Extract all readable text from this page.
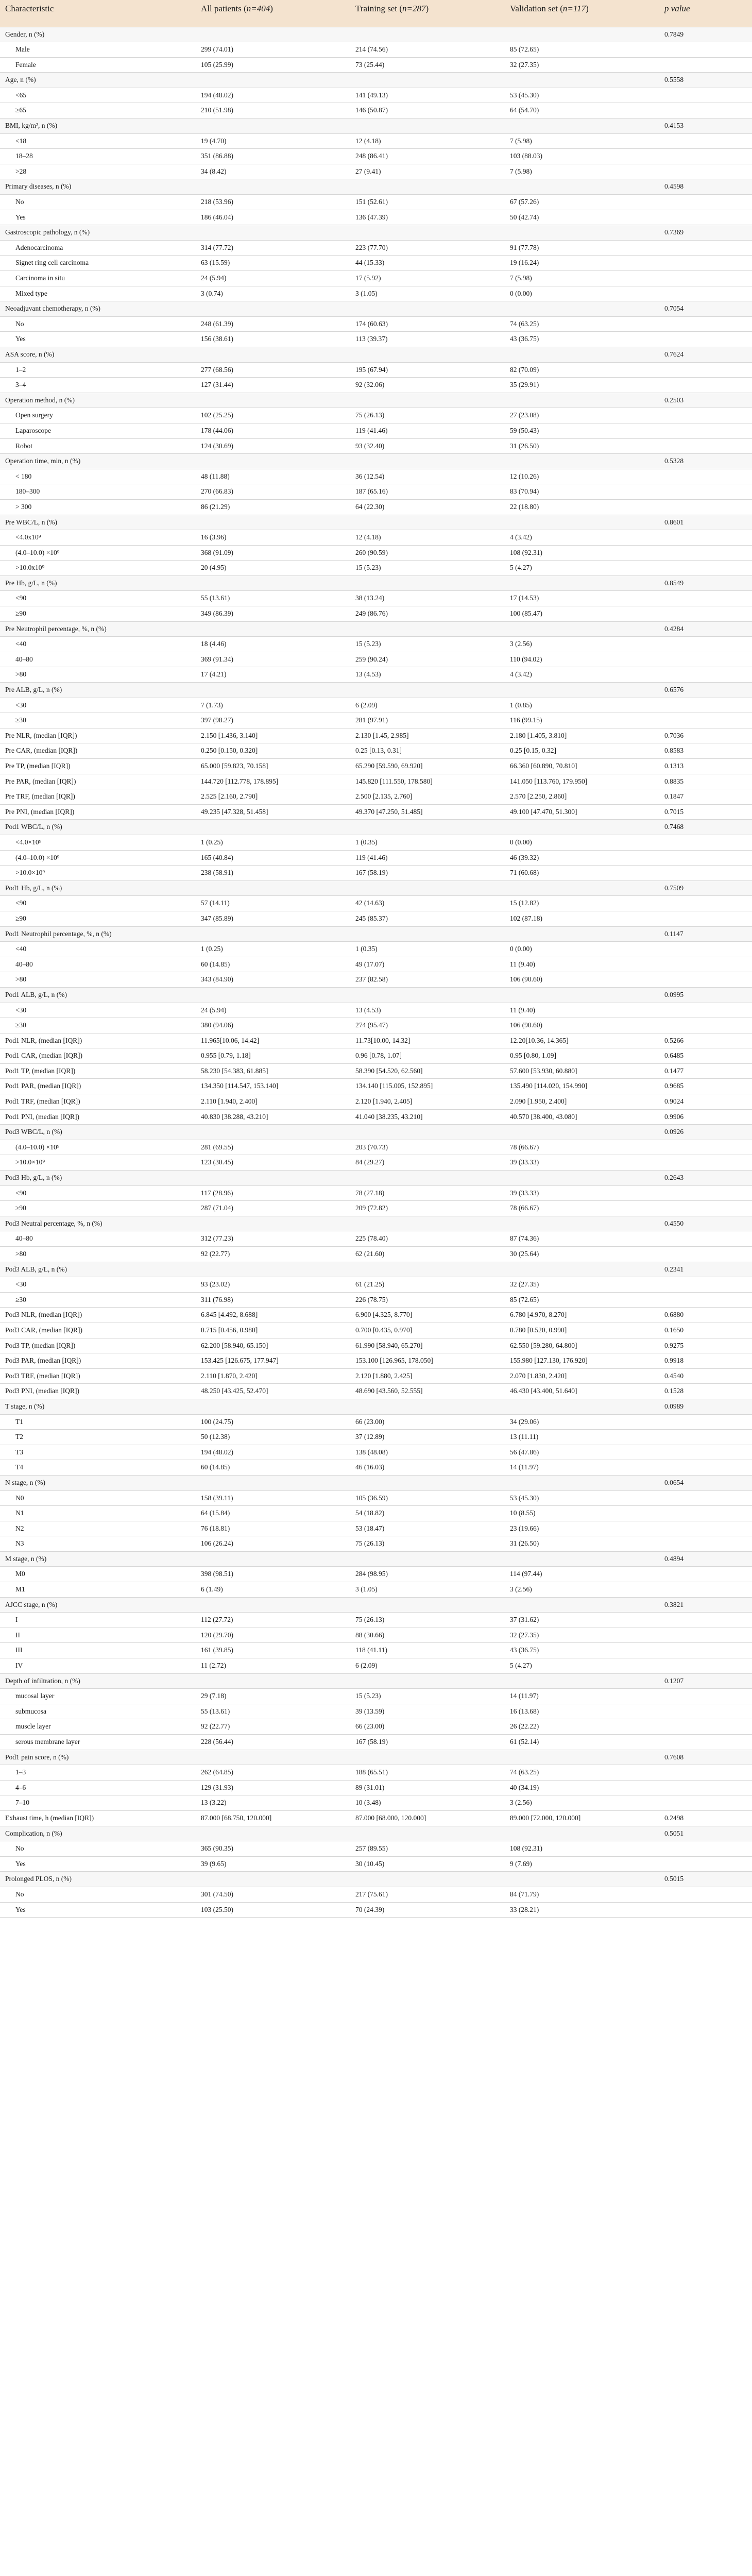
Characteristic	All patients (n=404)	Training set (n=287)	Validation set (n=117)	p value
Gender, n (%)				0.7849
Male	299 (74.01)	214 (74.56)	85 (72.65)	
Female	105 (25.99)	73 (25.44)	32 (27.35)	
Age, n (%)				0.5558
<65	194 (48.02)	141 (49.13)	53 (45.30)	
≥65	210 (51.98)	146 (50.87)	64 (54.70)	
BMI, kg/m², n (%)				0.4153
<18	19 (4.70)	12 (4.18)	7 (5.98)	
18–28	351 (86.88)	248 (86.41)	103 (88.03)	
>28	34 (8.42)	27 (9.41)	7 (5.98)	
Primary diseases, n (%)				0.4598
No	218 (53.96)	151 (52.61)	67 (57.26)	
Yes	186 (46.04)	136 (47.39)	50 (42.74)	
Gastroscopic pathology, n (%)				0.7369
Adenocarcinoma	314 (77.72)	223 (77.70)	91 (77.78)	
Signet ring cell carcinoma	63 (15.59)	44 (15.33)	19 (16.24)	
Carcinoma in situ	24 (5.94)	17 (5.92)	7 (5.98)	
Mixed type	3 (0.74)	3 (1.05)	0 (0.00)	
Neoadjuvant chemotherapy, n (%)				0.7054
No	248 (61.39)	174 (60.63)	74 (63.25)	
Yes	156 (38.61)	113 (39.37)	43 (36.75)	
ASA score, n (%)				0.7624
1–2	277 (68.56)	195 (67.94)	82 (70.09)	
3–4	127 (31.44)	92 (32.06)	35 (29.91)	
Operation method, n (%)				0.2503
Open surgery	102 (25.25)	75 (26.13)	27 (23.08)	
Laparoscope	178 (44.06)	119 (41.46)	59 (50.43)	
Robot	124 (30.69)	93 (32.40)	31 (26.50)	
Operation time, min, n (%)				0.5328
< 180	48 (11.88)	36 (12.54)	12 (10.26)	
180–300	270 (66.83)	187 (65.16)	83 (70.94)	
> 300	86 (21.29)	64 (22.30)	22 (18.80)	
Pre WBC/L, n (%)				0.8601
<4.0x10⁹	16 (3.96)	12 (4.18)	4 (3.42)	
(4.0–10.0) ×10⁹	368 (91.09)	260 (90.59)	108 (92.31)	
>10.0x10⁹	20 (4.95)	15 (5.23)	5 (4.27)	
Pre Hb, g/L, n (%)				0.8549
<90	55 (13.61)	38 (13.24)	17 (14.53)	
≥90	349 (86.39)	249 (86.76)	100 (85.47)	
Pre Neutrophil percentage, %, n (%)				0.4284
<40	18 (4.46)	15 (5.23)	3 (2.56)	
40–80	369 (91.34)	259 (90.24)	110 (94.02)	
>80	17 (4.21)	13 (4.53)	4 (3.42)	
Pre ALB, g/L, n (%)				0.6576
<30	7 (1.73)	6 (2.09)	1 (0.85)	
≥30	397 (98.27)	281 (97.91)	116 (99.15)	
Pre NLR, (median [IQR])	2.150 [1.436, 3.140]	2.130 [1.45, 2.985]	2.180 [1.405, 3.810]	0.7036
Pre CAR, (median [IQR])	0.250 [0.150, 0.320]	0.25 [0.13, 0.31]	0.25 [0.15, 0.32]	0.8583
Pre TP, (median [IQR])	65.000 [59.823, 70.158]	65.290 [59.590, 69.920]	66.360 [60.890, 70.810]	0.1313
Pre PAR, (median [IQR])	144.720 [112.778, 178.895]	145.820 [111.550, 178.580]	141.050 [113.760, 179.950]	0.8835
Pre TRF, (median [IQR])	2.525 [2.160, 2.790]	2.500 [2.135, 2.760]	2.570 [2.250, 2.860]	0.1847
Pre PNI, (median [IQR])	49.235 [47.328, 51.458]	49.370 [47.250, 51.485]	49.100 [47.470, 51.300]	0.7015
Pod1 WBC/L, n (%)				0.7468
<4.0×10⁹	1 (0.25)	1 (0.35)	0 (0.00)	
(4.0–10.0) ×10⁹	165 (40.84)	119 (41.46)	46 (39.32)	
>10.0×10⁹	238 (58.91)	167 (58.19)	71 (60.68)	
Pod1 Hb, g/L, n (%)				0.7509
<90	57 (14.11)	42 (14.63)	15 (12.82)	
≥90	347 (85.89)	245 (85.37)	102 (87.18)	
Pod1 Neutrophil percentage, %, n (%)				0.1147
<40	1 (0.25)	1 (0.35)	0 (0.00)	
40–80	60 (14.85)	49 (17.07)	11 (9.40)	
>80	343 (84.90)	237 (82.58)	106 (90.60)	
Pod1 ALB, g/L, n (%)				0.0995
<30	24 (5.94)	13 (4.53)	11 (9.40)	
≥30	380 (94.06)	274 (95.47)	106 (90.60)	
Pod1 NLR, (median [IQR])	11.965[10.06, 14.42]	11.73[10.00, 14.32]	12.20[10.36, 14.365]	0.5266
Pod1 CAR, (median [IQR])	0.955 [0.79, 1.18]	0.96 [0.78, 1.07]	0.95 [0.80, 1.09]	0.6485
Pod1 TP, (median [IQR])	58.230 [54.383, 61.885]	58.390 [54.520, 62.560]	57.600 [53.930, 60.880]	0.1477
Pod1 PAR, (median [IQR])	134.350 [114.547, 153.140]	134.140 [115.005, 152.895]	135.490 [114.020, 154.990]	0.9685
Pod1 TRF, (median [IQR])	2.110 [1.940, 2.400]	2.120 [1.940, 2.405]	2.090 [1.950, 2.400]	0.9024
Pod1 PNI, (median [IQR])	40.830 [38.288, 43.210]	41.040 [38.235, 43.210]	40.570 [38.400, 43.080]	0.9906
Pod3 WBC/L, n (%)				0.0926
(4.0–10.0) ×10⁹	281 (69.55)	203 (70.73)	78 (66.67)	
>10.0×10⁹	123 (30.45)	84 (29.27)	39 (33.33)	
Pod3 Hb, g/L, n (%)				0.2643
<90	117 (28.96)	78 (27.18)	39 (33.33)	
≥90	287 (71.04)	209 (72.82)	78 (66.67)	
Pod3 Neutral percentage, %, n (%)				0.4550
40–80	312 (77.23)	225 (78.40)	87 (74.36)	
>80	92 (22.77)	62 (21.60)	30 (25.64)	
Pod3 ALB, g/L, n (%)				0.2341
<30	93 (23.02)	61 (21.25)	32 (27.35)	
≥30	311 (76.98)	226 (78.75)	85 (72.65)	
Pod3 NLR, (median [IQR])	6.845 [4.492, 8.688]	6.900 [4.325, 8.770]	6.780 [4.970, 8.270]	0.6880
Pod3 CAR, (median [IQR])	0.715 [0.456, 0.980]	0.700 [0.435, 0.970]	0.780 [0.520, 0.990]	0.1650
Pod3 TP, (median [IQR])	62.200 [58.940, 65.150]	61.990 [58.940, 65.270]	62.550 [59.280, 64.800]	0.9275
Pod3 PAR, (median [IQR])	153.425 [126.675, 177.947]	153.100 [126.965, 178.050]	155.980 [127.130, 176.920]	0.9918
Pod3 TRF, (median [IQR])	2.110 [1.870, 2.420]	2.120 [1.880, 2.425]	2.070 [1.830, 2.420]	0.4540
Pod3 PNI, (median [IQR])	48.250 [43.425, 52.470]	48.690 [43.560, 52.555]	46.430 [43.400, 51.640]	0.1528
T stage, n (%)				0.0989
T1	100 (24.75)	66 (23.00)	34 (29.06)	
T2	50 (12.38)	37 (12.89)	13 (11.11)	
T3	194 (48.02)	138 (48.08)	56 (47.86)	
T4	60 (14.85)	46 (16.03)	14 (11.97)	
N stage, n (%)				0.0654
N0	158 (39.11)	105 (36.59)	53 (45.30)	
N1	64 (15.84)	54 (18.82)	10 (8.55)	
N2	76 (18.81)	53 (18.47)	23 (19.66)	
N3	106 (26.24)	75 (26.13)	31 (26.50)	
M stage, n (%)				0.4894
M0	398 (98.51)	284 (98.95)	114 (97.44)	
M1	6 (1.49)	3 (1.05)	3 (2.56)	
AJCC stage, n (%)				0.3821
I	112 (27.72)	75 (26.13)	37 (31.62)	
II	120 (29.70)	88 (30.66)	32 (27.35)	
III	161 (39.85)	118 (41.11)	43 (36.75)	
IV	11 (2.72)	6 (2.09)	5 (4.27)	
Depth of infiltration, n (%)				0.1207
mucosal layer	29 (7.18)	15 (5.23)	14 (11.97)	
submucosa	55 (13.61)	39 (13.59)	16 (13.68)	
muscle layer	92 (22.77)	66 (23.00)	26 (22.22)	
serous membrane layer	228 (56.44)	167 (58.19)	61 (52.14)	
Pod1 pain score, n (%)				0.7608
1–3	262 (64.85)	188 (65.51)	74 (63.25)	
4–6	129 (31.93)	89 (31.01)	40 (34.19)	
7–10	13 (3.22)	10 (3.48)	3 (2.56)	
Exhaust time, h (median [IQR])	87.000 [68.750, 120.000]	87.000 [68.000, 120.000]	89.000 [72.000, 120.000]	0.2498
Complication, n (%)				0.5051
No	365 (90.35)	257 (89.55)	108 (92.31)	
Yes	39 (9.65)	30 (10.45)	9 (7.69)	
Prolonged PLOS, n (%)				0.5015
No	301 (74.50)	217 (75.61)	84 (71.79)	
Yes	103 (25.50)	70 (24.39)	33 (28.21)	
